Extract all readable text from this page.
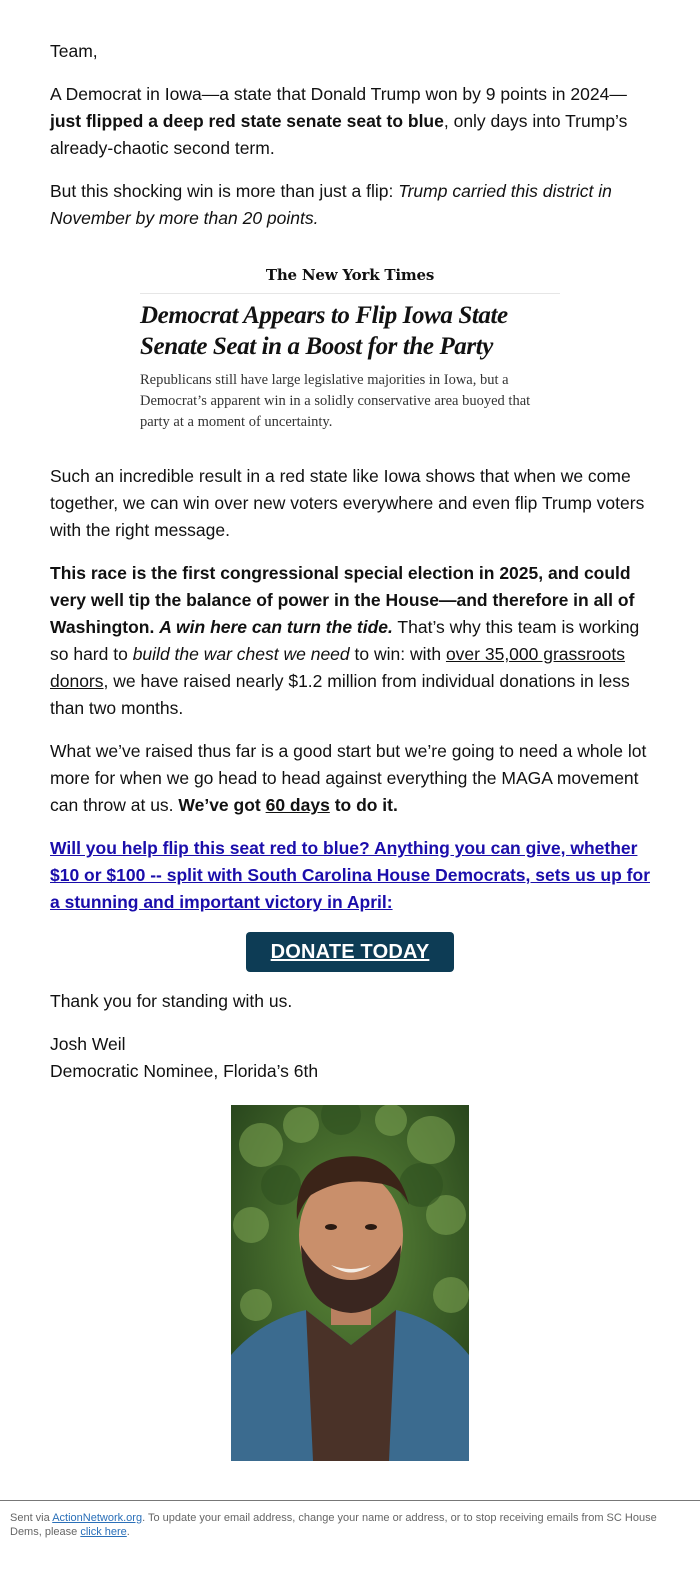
Team,

A Democrat in Iowa—a state that Donald Trump won by 9 points in 2024—just flipped a deep red state senate seat to blue, only days into Trump’s already-chaotic second term.

But this shocking win is more than just a flip: Trump carried this district in November by more than 20 points.

The New York Times
Democrat Appears to Flip Iowa State Senate Seat in a Boost for the Party
Republicans still have large legislative majorities in Iowa, but a Democrat’s apparent win in a solidly conservative area buoyed that party at a moment of uncertainty.

Such an incredible result in a red state like Iowa shows that when we come together, we can win over new voters everywhere and even flip Trump voters with the right message.

This race is the first congressional special election in 2025, and could very well tip the balance of power in the House—and therefore in all of Washington. A win here can turn the tide. That’s why this team is working so hard to build the war chest we need to win: with over 35,000 grassroots donors, we have raised nearly $1.2 million from individual donations in less than two months.

What we’ve raised thus far is a good start but we’re going to need a whole lot more for when we go head to head against everything the MAGA movement can throw at us. We’ve got 60 days to do it.

Will you help flip this seat red to blue? Anything you can give, whether $10 or $100 -- split with South Carolina House Democrats, sets us up for a stunning and important victory in April:
DONATE TODAY

Thank you for standing with us.

Josh Weil

Democratic Nominee, Florida’s 6th

Sent via ActionNetwork.org. To update your email address, change your name or address, or to stop receiving emails from SC House Dems, please click here.
